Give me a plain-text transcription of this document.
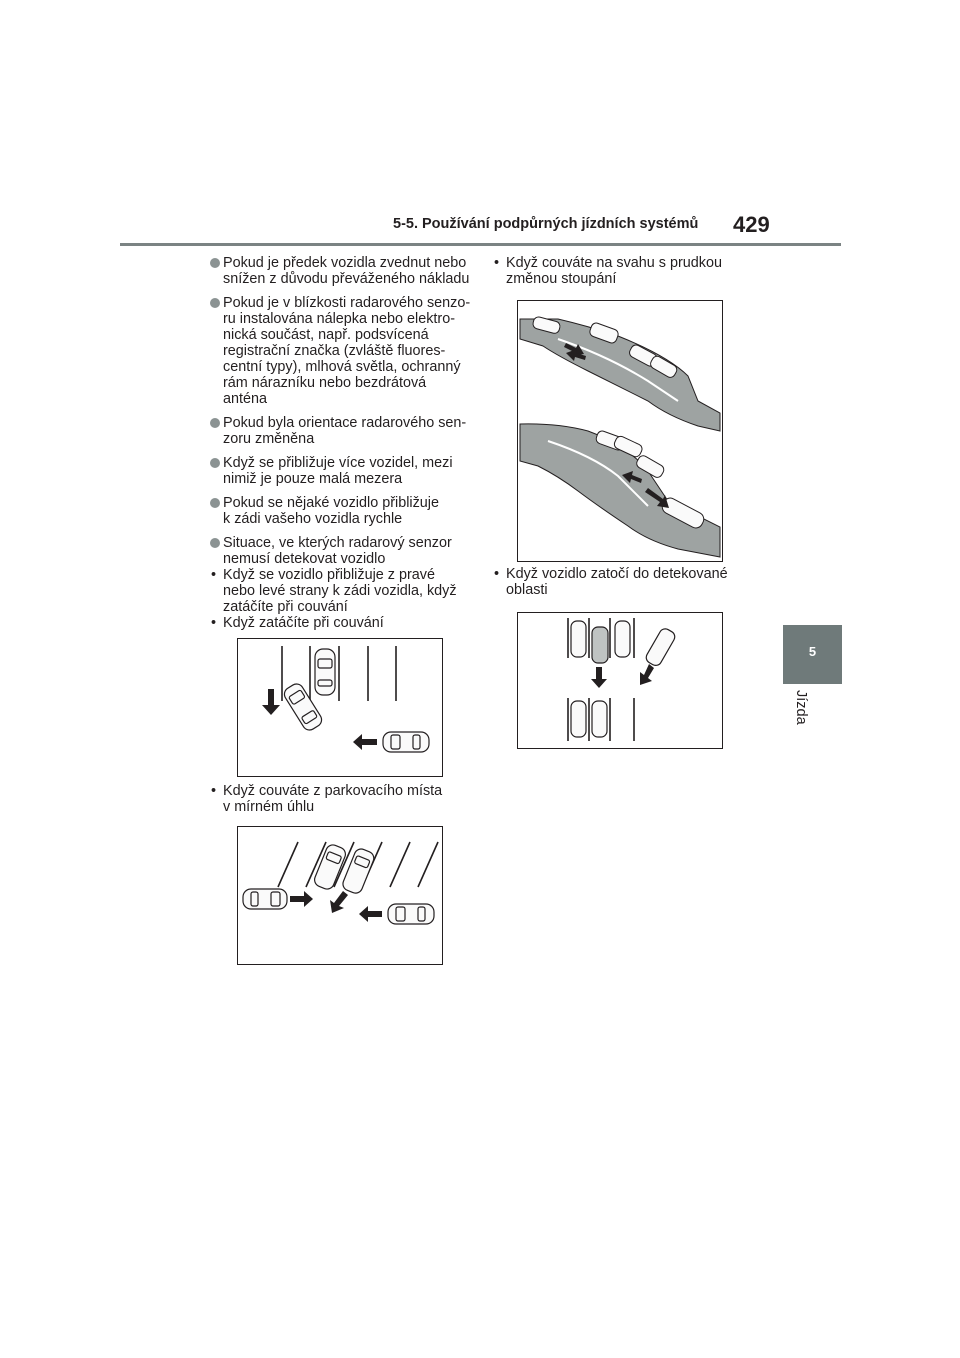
5-5. Používání podpůrných jízdních systémů 429
5
Jízda
Pokud je předek vozidla zvednut nebo
snížen z důvodu převáženého nákladu
Pokud je v blízkosti radarového senzo-
ru instalována nálepka nebo elektro-
nická součást, např. podsvícená
registrační značka (zvláště fluores-
centní typy), mlhová světla, ochranný
rám nárazníku nebo bezdrátová
anténa
Pokud byla orientace radarového sen-
zoru změněna
Když se přibližuje více vozidel, mezi
nimiž je pouze malá mezera
Pokud se nějaké vozidlo přibližuje
k zádi vašeho vozidla rychle
Situace, ve kterých radarový senzor
nemusí detekovat vozidlo
• Když se vozidlo přibližuje z pravé
nebo levé strany k zádi vozidla, když
zatáčíte při couvání
• Když zatáčíte při couvání
• Když couváte z parkovacího místa
v mírném úhlu
• Když couváte na svahu s prudkou
změnou stoupání
• Když vozidlo zatočí do detekované
oblasti
